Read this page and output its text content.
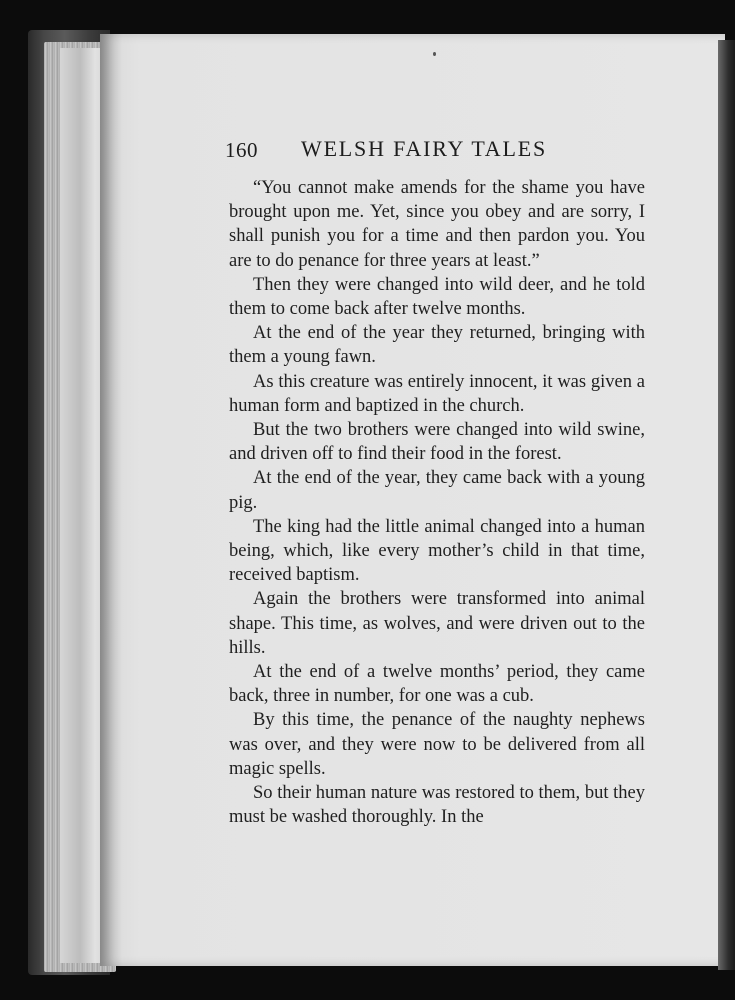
160 WELSH FAIRY TALES

“You cannot make amends for the shame you have brought upon me. Yet, since you obey and are sorry, I shall punish you for a time and then pardon you. You are to do penance for three years at least.”

Then they were changed into wild deer, and he told them to come back after twelve months.

At the end of the year they returned, bringing with them a young fawn.

As this creature was entirely innocent, it was given a human form and baptized in the church.

But the two brothers were changed into wild swine, and driven off to find their food in the forest.

At the end of the year, they came back with a young pig.

The king had the little animal changed into a human being, which, like every mother’s child in that time, received baptism.

Again the brothers were transformed into animal shape. This time, as wolves, and were driven out to the hills.

At the end of a twelve months’ period, they came back, three in number, for one was a cub.

By this time, the penance of the naughty nephews was over, and they were now to be delivered from all magic spells.

So their human nature was restored to them, but they must be washed thoroughly. In the
